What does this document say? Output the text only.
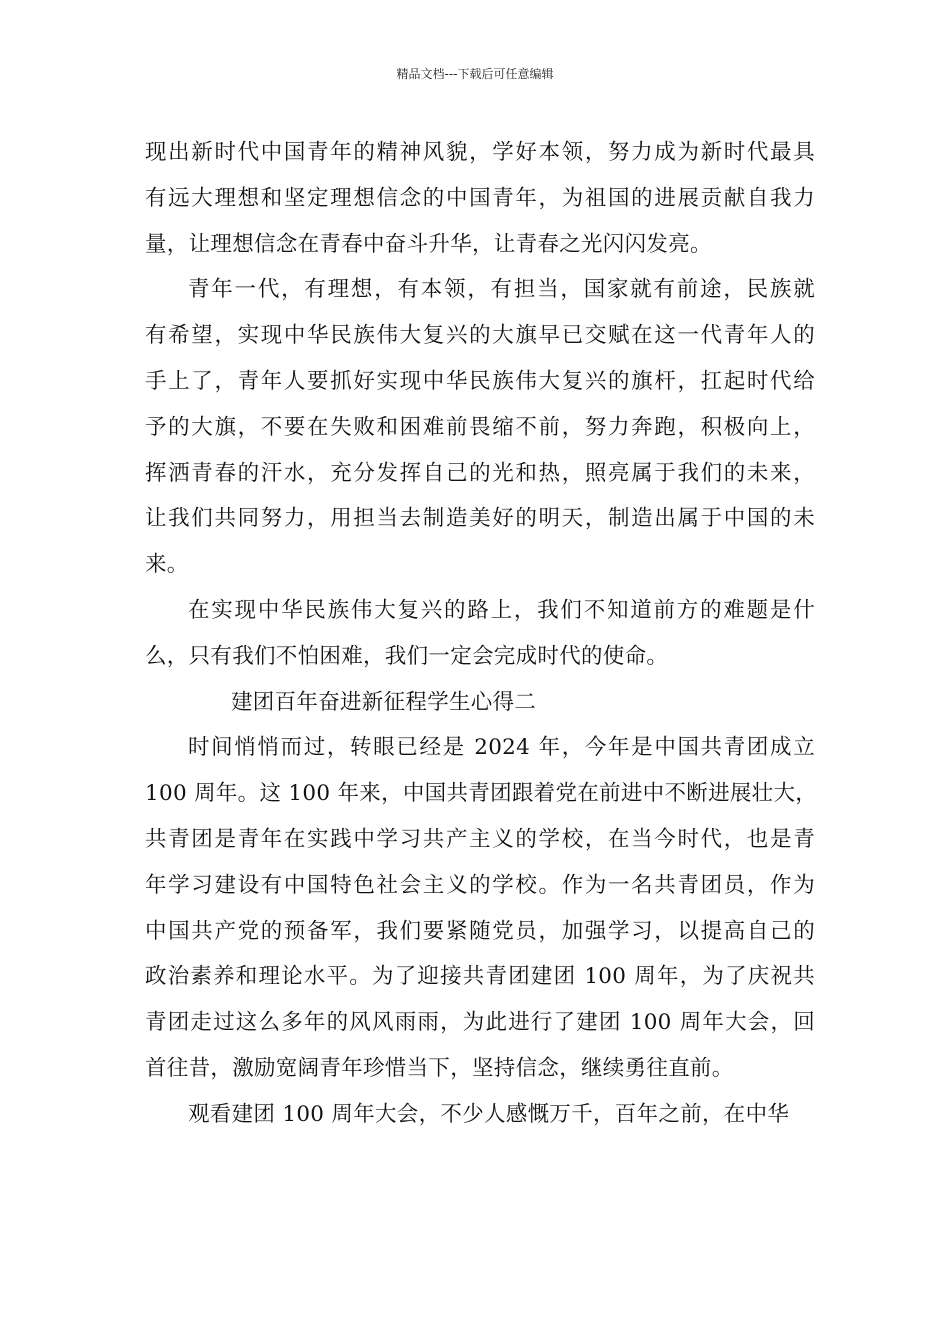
精品文档---下载后可任意编辑
现出新时代中国青年的精神风貌，学好本领，努力成为新时代最具
有远大理想和坚定理想信念的中国青年，为祖国的进展贡献自我力
量，让理想信念在青春中奋斗升华，让青春之光闪闪发亮。
青年一代，有理想，有本领，有担当，国家就有前途，民族就
有希望，实现中华民族伟大复兴的大旗早已交赋在这一代青年人的
手上了，青年人要抓好实现中华民族伟大复兴的旗杆，扛起时代给
予的大旗，不要在失败和困难前畏缩不前，努力奔跑，积极向上，
挥洒青春的汗水，充分发挥自己的光和热，照亮属于我们的未来，
让我们共同努力，用担当去制造美好的明天，制造出属于中国的未
来。
在实现中华民族伟大复兴的路上，我们不知道前方的难题是什
么，只有我们不怕困难，我们一定会完成时代的使命。
建团百年奋进新征程学生心得二
时间悄悄而过，转眼已经是 2024 年，今年是中国共青团成立
100 周年。这 100 年来，中国共青团跟着党在前进中不断进展壮大，
共青团是青年在实践中学习共产主义的学校，在当今时代，也是青
年学习建设有中国特色社会主义的学校。作为一名共青团员，作为
中国共产党的预备军，我们要紧随党员，加强学习，以提高自己的
政治素养和理论水平。为了迎接共青团建团 100 周年，为了庆祝共
青团走过这么多年的风风雨雨，为此进行了建团 100 周年大会，回
首往昔，激励宽阔青年珍惜当下，坚持信念，继续勇往直前。
观看建团 100 周年大会，不少人感慨万千，百年之前，在中华
